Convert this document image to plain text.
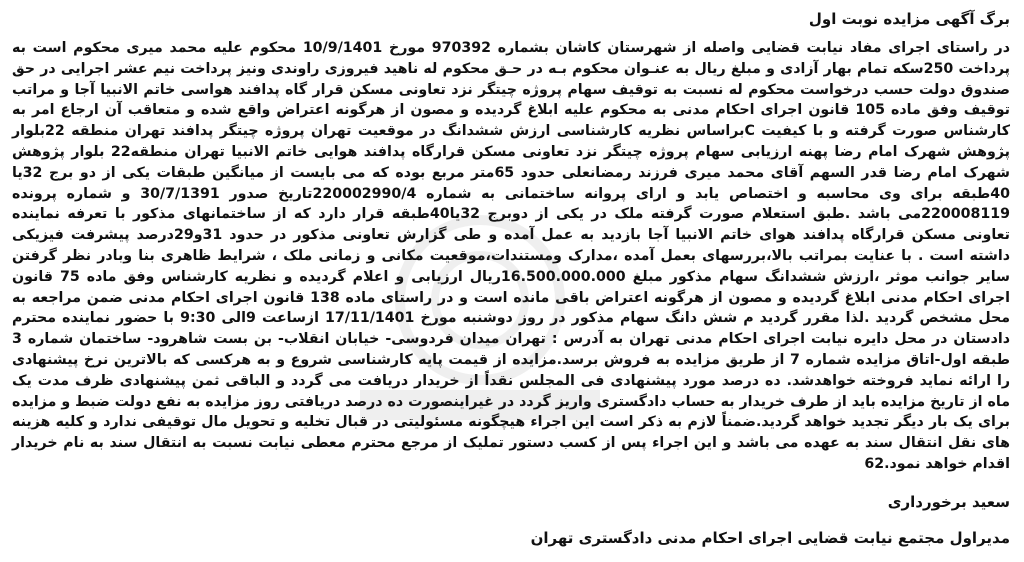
برگ آگهی مزایده نوبت اول

در راستای اجرای مفاد نیابت قضایی واصله از شهرستان کاشان بشماره 970392 مورخ 10/9/1401 محکوم علیه محمد میری محکوم است به پرداخت 250سکه تمام بهار آزادی و مبلغ ریال به عنـوان محکوم بـه در حـق محکوم له ناهید فیروزی راوندی ونیز پرداخت نیم عشر اجرایی در حق صندوق دولت حسب درخواست محکوم له نسبت به توقیف سهام پروژه چیتگر نزد تعاونی مسکن قرار گاه پدافند هواسی خاتم الانبیا آجا و مراتب توقیف وفق ماده 105 قانون اجرای احکام مدنی به محکوم علیه ابلاغ گردیده و مصون از هرگونه اعتراض واقع شده و متعاقب آن ارجاع امر به کارشناس صورت گرفته و با کیفیت Cبراساس نظریه کارشناسی ارزش ششدانگ در موقعیت تهران پروژه چیتگر پدافند تهران منطقه 22بلوار پژوهش شهرک امام رضا پهنه ارزیابی سهام پروژه چیتگر نزد تعاونی مسکن قرارگاه پدافند هوایی خاتم الانبیا تهران منطقه22 بلوار پژوهش شهرک امام رضا قدر السهم آقای محمد میری فرزند رمضانعلی حدود 65متر مربع بوده که می بایست از میانگین طبقات یکی از دو برج 32یا 40طبقه برای وی محاسبه و اختصاص یابد و ارای پروانه ساختمانی به شماره 220002990/4تاریخ صدور 30/7/1391 و شماره پرونده 220008119می باشد .طبق استعلام صورت گرفته ملک در یکی از دوبرج 32یا40طبقه قرار دارد که از ساختمانهای مذکور با تعرفه نماینده تعاونی مسکن قرارگاه پدافند هوای خاتم الانبیا آجا بازدید به عمل آمده و طی گزارش تعاونی مذکور در حدود 31و29درصد پیشرفت فیزیکی داشته است . با عنایت بمراتب بالا،بررسهای بعمل آمده ،مدارک ومستندات،موقعیت مکانی و زمانی ملک ، شرایط ظاهری بنا وبادر نظر گرفتن سایر جوانب موثر ،ارزش ششدانگ سهام مذکور مبلغ 16.500.000.000ریال ارزیابی و اعلام گردیده و نظریه کارشناس وفق ماده 75 قانون اجرای احکام مدنی ابلاغ گردیده و مصون از هرگونه اعتراض باقی مانده است و در راستای ماده 138 قانون اجرای احکام مدنی ضمن مراجعه به محل مشخص گردید .لذا مقرر گردید م شش دانگ سهام مذکور در روز دوشنبه مورخ 17/11/1401 ازساعت 9الی 9:30 با حضور نماینده محترم دادستان در محل دایره نیابت اجرای احکام مدنی تهران به آدرس : تهران میدان فردوسی- خیابان انقلاب- بن بست شاهرود- ساختمان شماره 3 طبقه اول-اتاق مزایده شماره 7 از طریق مزایده به فروش برسد.مزایده از قیمت پایه کارشناسی شروع و به هرکسی که بالاترین نرخ پیشنهادی را ارائه نماید فروخته خواهدشد. ده درصد مورد پیشنهادی فی المجلس نقداً از خریدار دریافت می گردد و الباقی ثمن پیشنهادی ظرف مدت یک ماه از تاریخ مزایده باید از طرف خریدار به حساب دادگستری واریز گردد در غیراینصورت ده درصد دریافتی روز مزایده به نفع دولت ضبط و مزایده برای یک بار دیگر تجدید خواهد گردید.ضمناً لازم به ذکر است این اجراء هیچگونه مسئولیتی در قبال تخلیه و تحویل مال توقیفی ندارد و کلیه هزینه های نقل انتقال سند به عهده می باشد و این اجراء پس از کسب دستور تملیک از مرجع محترم معطی نیابت نسبت به انتقال سند به نام خریدار اقدام خواهد نمود.62

سعید برخورداری
مدیراول مجتمع نیابت قضایی اجرای احکام مدنی دادگستری تهران
